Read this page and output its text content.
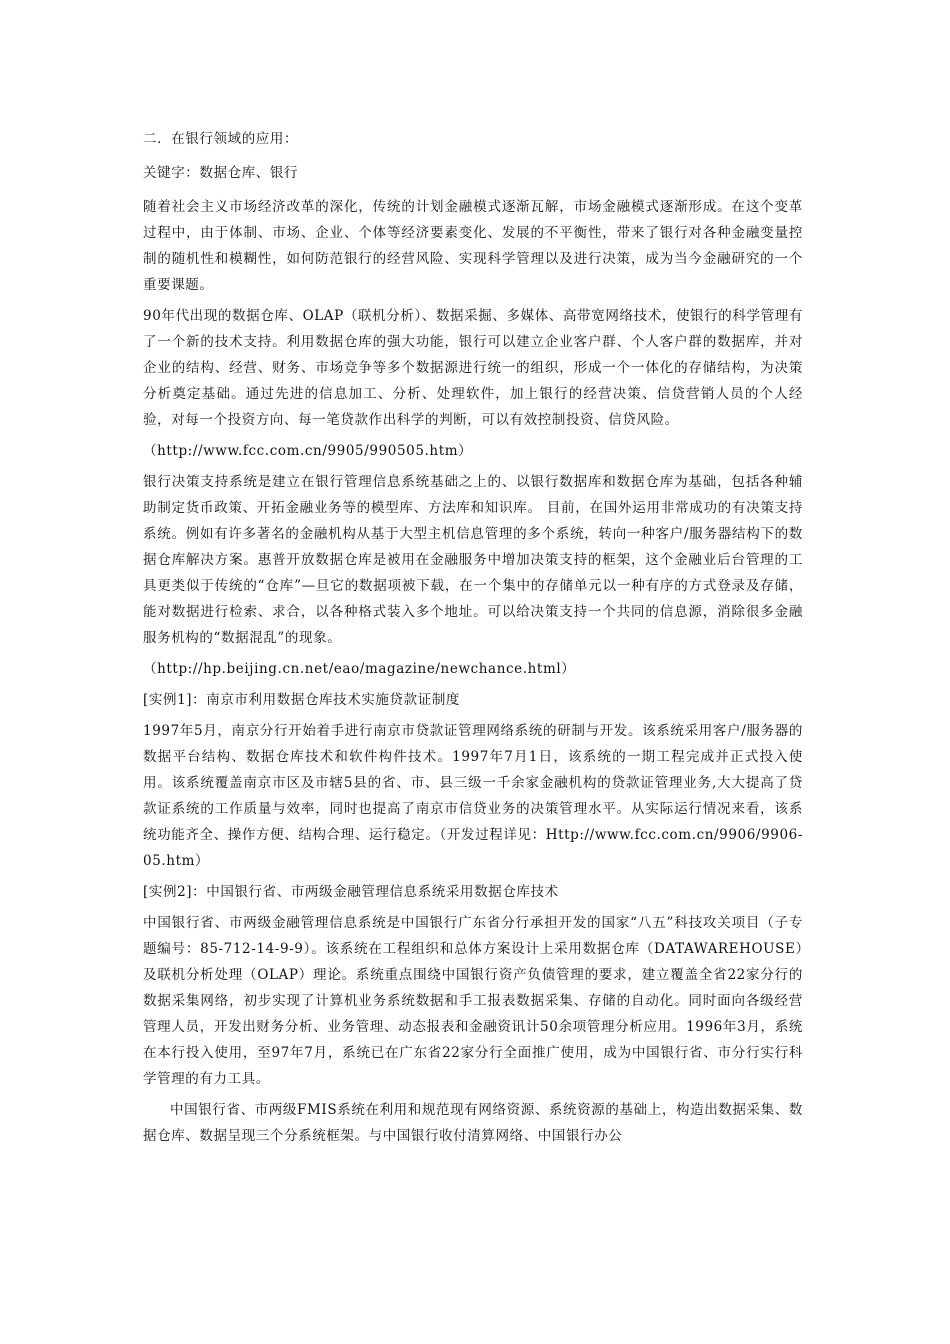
二．在银行领域的应用：

关键字：数据仓库、银行

随着社会主义市场经济改革的深化，传统的计划金融模式逐渐瓦解，市场金融模式逐渐形成。在这个变革过程中，由于体制、市场、企业、个体等经济要素变化、发展的不平衡性，带来了银行对各种金融变量控制的随机性和模糊性，如何防范银行的经营风险、实现科学管理以及进行决策，成为当今金融研究的一个重要课题。

90年代出现的数据仓库、OLAP（联机分析）、数据采掘、多媒体、高带宽网络技术，使银行的科学管理有了一个新的技术支持。利用数据仓库的强大功能，银行可以建立企业客户群、个人客户群的数据库，并对企业的结构、经营、财务、市场竞争等多个数据源进行统一的组织，形成一个一体化的存储结构，为决策分析奠定基础。通过先进的信息加工、分析、处理软件，加上银行的经营决策、信贷营销人员的个人经验，对每一个投资方向、每一笔贷款作出科学的判断，可以有效控制投资、信贷风险。

（http://www.fcc.com.cn/9905/990505.htm）

银行决策支持系统是建立在银行管理信息系统基础之上的、以银行数据库和数据仓库为基础，包括各种辅助制定货币政策、开拓金融业务等的模型库、方法库和知识库。 目前，在国外运用非常成功的有决策支持系统。例如有许多著名的金融机构从基于大型主机信息管理的多个系统，转向一种客户/服务器结构下的数据仓库解决方案。惠普开放数据仓库是被用在金融服务中增加决策支持的框架，这个金融业后台管理的工具更类似于传统的“仓库”—旦它的数据项被下载，在一个集中的存储单元以一种有序的方式登录及存储，能对数据进行检索、求合，以各种格式装入多个地址。可以给决策支持一个共同的信息源，消除很多金融服务机构的“数据混乱”的现象。

（http://hp.beijing.cn.net/eao/magazine/newchance.html）

[实例1]：南京市利用数据仓库技术实施贷款证制度

1997年5月，南京分行开始着手进行南京市贷款证管理网络系统的研制与开发。该系统采用客户/服务器的数据平台结构、数据仓库技术和软件构件技术。1997年7月1日，该系统的一期工程完成并正式投入使用。该系统覆盖南京市区及市辖5县的省、市、县三级一千余家金融机构的贷款证管理业务,大大提高了贷款证系统的工作质量与效率，同时也提高了南京市信贷业务的决策管理水平。从实际运行情况来看，该系统功能齐全、操作方便、结构合理、运行稳定。（开发过程详见：Http://www.fcc.com.cn/9906/9906-05.htm）

[实例2]：中国银行省、市两级金融管理信息系统采用数据仓库技术

中国银行省、市两级金融管理信息系统是中国银行广东省分行承担开发的国家“八五”科技攻关项目（子专题编号：85-712-14-9-9）。该系统在工程组织和总体方案设计上采用数据仓库（DATAWAREHOUSE）及联机分析处理（OLAP）理论。系统重点围绕中国银行资产负债管理的要求，建立覆盖全省22家分行的数据采集网络，初步实现了计算机业务系统数据和手工报表数据采集、存储的自动化。同时面向各级经营管理人员，开发出财务分析、业务管理、动态报表和金融资讯计50余项管理分析应用。1996年3月，系统在本行投入使用，至97年7月，系统已在广东省22家分行全面推广使用，成为中国银行省、市分行实行科学管理的有力工具。

中国银行省、市两级FMIS系统在利用和规范现有网络资源、系统资源的基础上，构造出数据采集、数据仓库、数据呈现三个分系统框架。与中国银行收付清算网络、中国银行办公
